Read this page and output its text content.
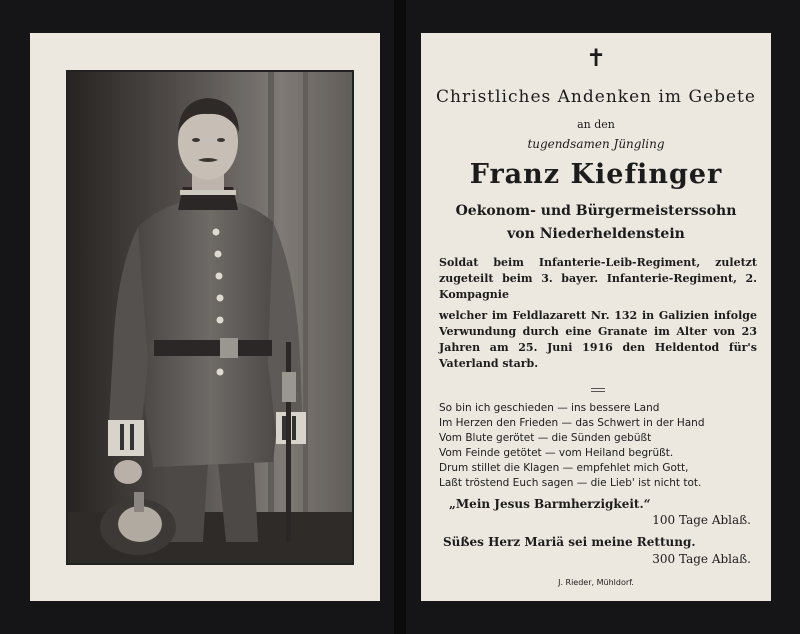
✝
Christliches Andenken im Gebete
an den
tugendsamen Jüngling
Franz Kiefinger
Oekonom- und Bürgermeisterssohn
von Niederheldenstein
Soldat beim Infanterie-Leib-Regiment, zuletzt zugeteilt beim 3. bayer. Infanterie-Regiment, 2. Kompagnie
welcher im Feldlazarett Nr. 132 in Galizien infolge Verwundung durch eine Granate im Alter von 23 Jahren am 25. Juni 1916 den Heldentod für's Vaterland starb.
So bin ich geschieden — ins bessere Land
Im Herzen den Frieden — das Schwert in der Hand
Vom Blute gerötet — die Sünden gebüßt
Vom Feinde getötet — vom Heiland begrüßt.
Drum stillet die Klagen — empfehlet mich Gott,
Laßt tröstend Euch sagen — die Lieb' ist nicht tot.
„Mein Jesus Barmherzigkeit.“
100 Tage Ablaß.
Süßes Herz Mariä sei meine Rettung.
300 Tage Ablaß.
J. Rieder, Mühldorf.
